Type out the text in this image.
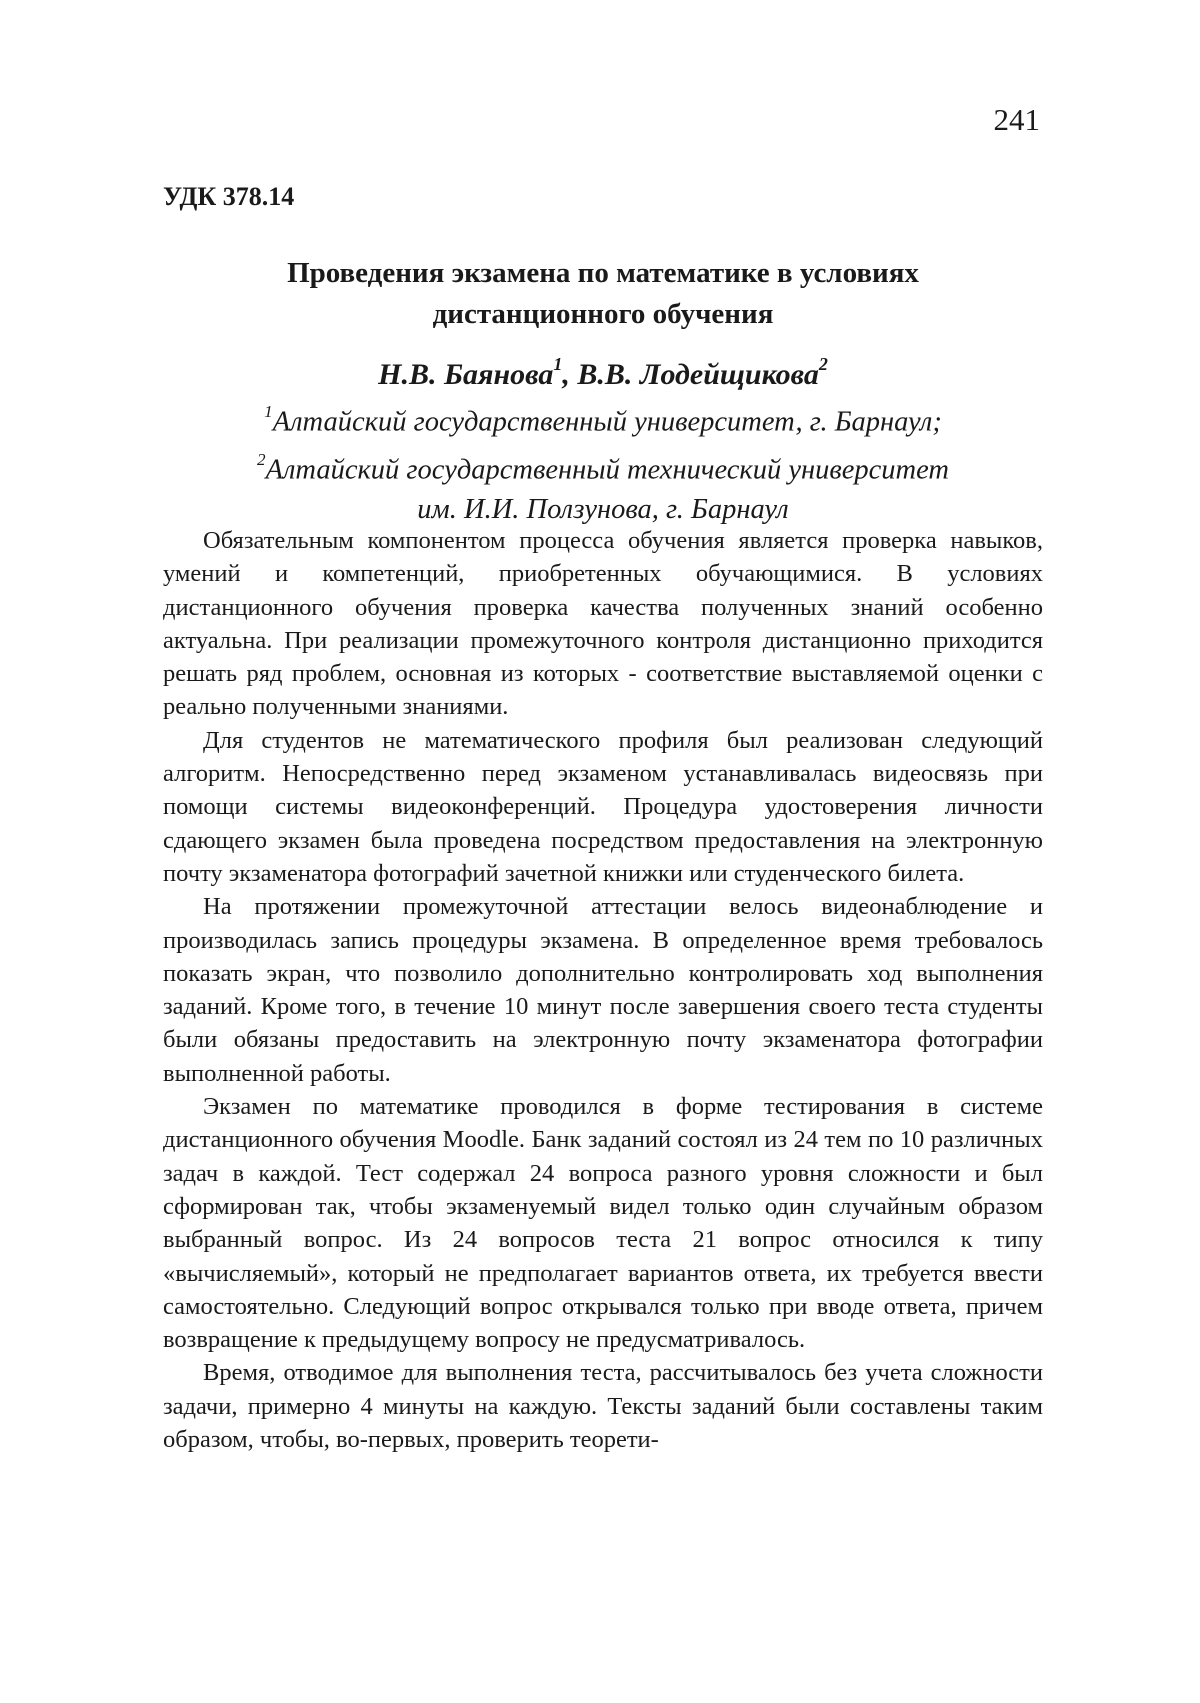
241
УДК 378.14
Проведения экзамена по математике в условиях
дистанционного обучения
Н.В. Баянова$^1$, В.В. Лодейщикова$^2$
$^1$Алтайский государственный университет, г. Барнаул;
$^2$Алтайский государственный технический университет
им. И.И. Ползунова, г. Барнаул

Обязательным компонентом процесса обучения является проверка навыков, умений и компетенций, приобретенных обучающимися. В условиях дистанционного обучения проверка качества полученных знаний особенно актуальна. При реализации промежуточного контроля дистанционно приходится решать ряд проблем, основная из которых - соответствие выставляемой оценки с реально полученными знаниями.

Для студентов не математического профиля был реализован следующий алгоритм. Непосредственно перед экзаменом устанавливалась видеосвязь при помощи системы видеоконференций. Процедура удостоверения личности сдающего экзамен была проведена посредством предоставления на электронную почту экзаменатора фотографий зачетной книжки или студенческого билета.

На протяжении промежуточной аттестации велось видеонаблюдение и производилась запись процедуры экзамена. В определенное время требовалось показать экран, что позволило дополнительно контролировать ход выполнения заданий. Кроме того, в течение 10 минут после завершения своего теста студенты были обязаны предоставить на электронную почту экзаменатора фотографии выполненной работы.

Экзамен по математике проводился в форме тестирования в системе дистанционного обучения Moodle. Банк заданий состоял из 24 тем по 10 различных задач в каждой. Тест содержал 24 вопроса разного уровня сложности и был сформирован так, чтобы экзаменуемый видел только один случайным образом выбранный вопрос. Из 24 вопросов теста 21 вопрос относился к типу «вычисляемый», который не предполагает вариантов ответа, их требуется ввести самостоятельно. Следующий вопрос открывался только при вводе ответа, причем возвращение к предыдущему вопросу не предусматривалось.

Время, отводимое для выполнения теста, рассчитывалось без учета сложности задачи, примерно 4 минуты на каждую. Тексты заданий были составлены таким образом, чтобы, во-первых, проверить теорети-
